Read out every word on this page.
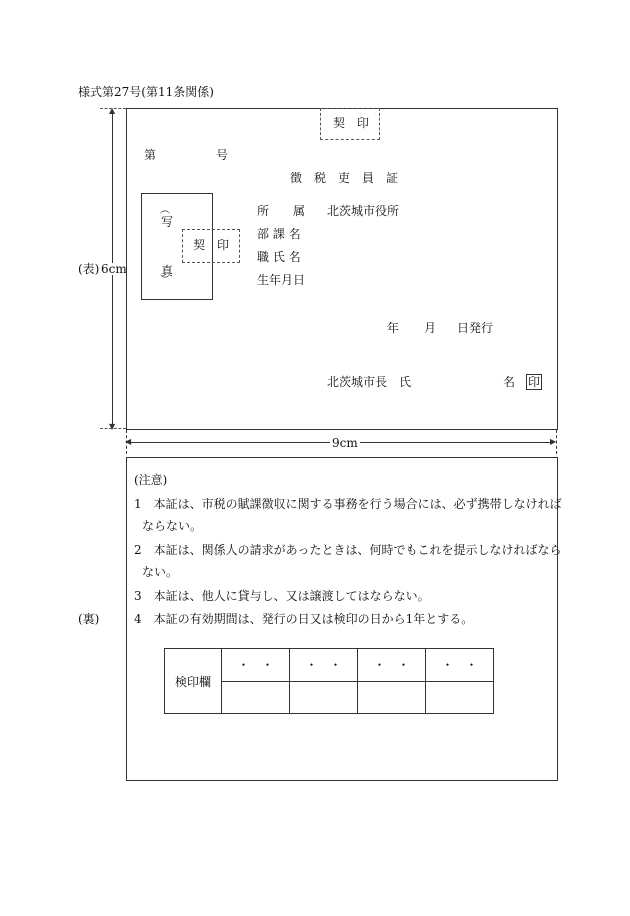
様式第27号(第11条関係)
(表)
▲
▼
6cm
契　印
第	号
徴　税　吏　員　証
︵
写
真
︶
契　印
所　　属 北茨城市役所
部 課 名
職 氏 名
生年月日
年 月 日発行
北茨城市長　氏	名 印
◀	▶
9cm
(裏)
(注意)
1　本証は、市税の賦課徴収に関する事務を行う場合には、必ず携帯しなければ
ならない。
2　本証は、関係人の請求があったときは、何時でもこれを提示しなければなら
ない。
3　本証は、他人に貸与し、又は譲渡してはならない。
4　本証の有効期間は、発行の日又は検印の日から1年とする。
検印欄	・　・	・　・	・　・	・　・
